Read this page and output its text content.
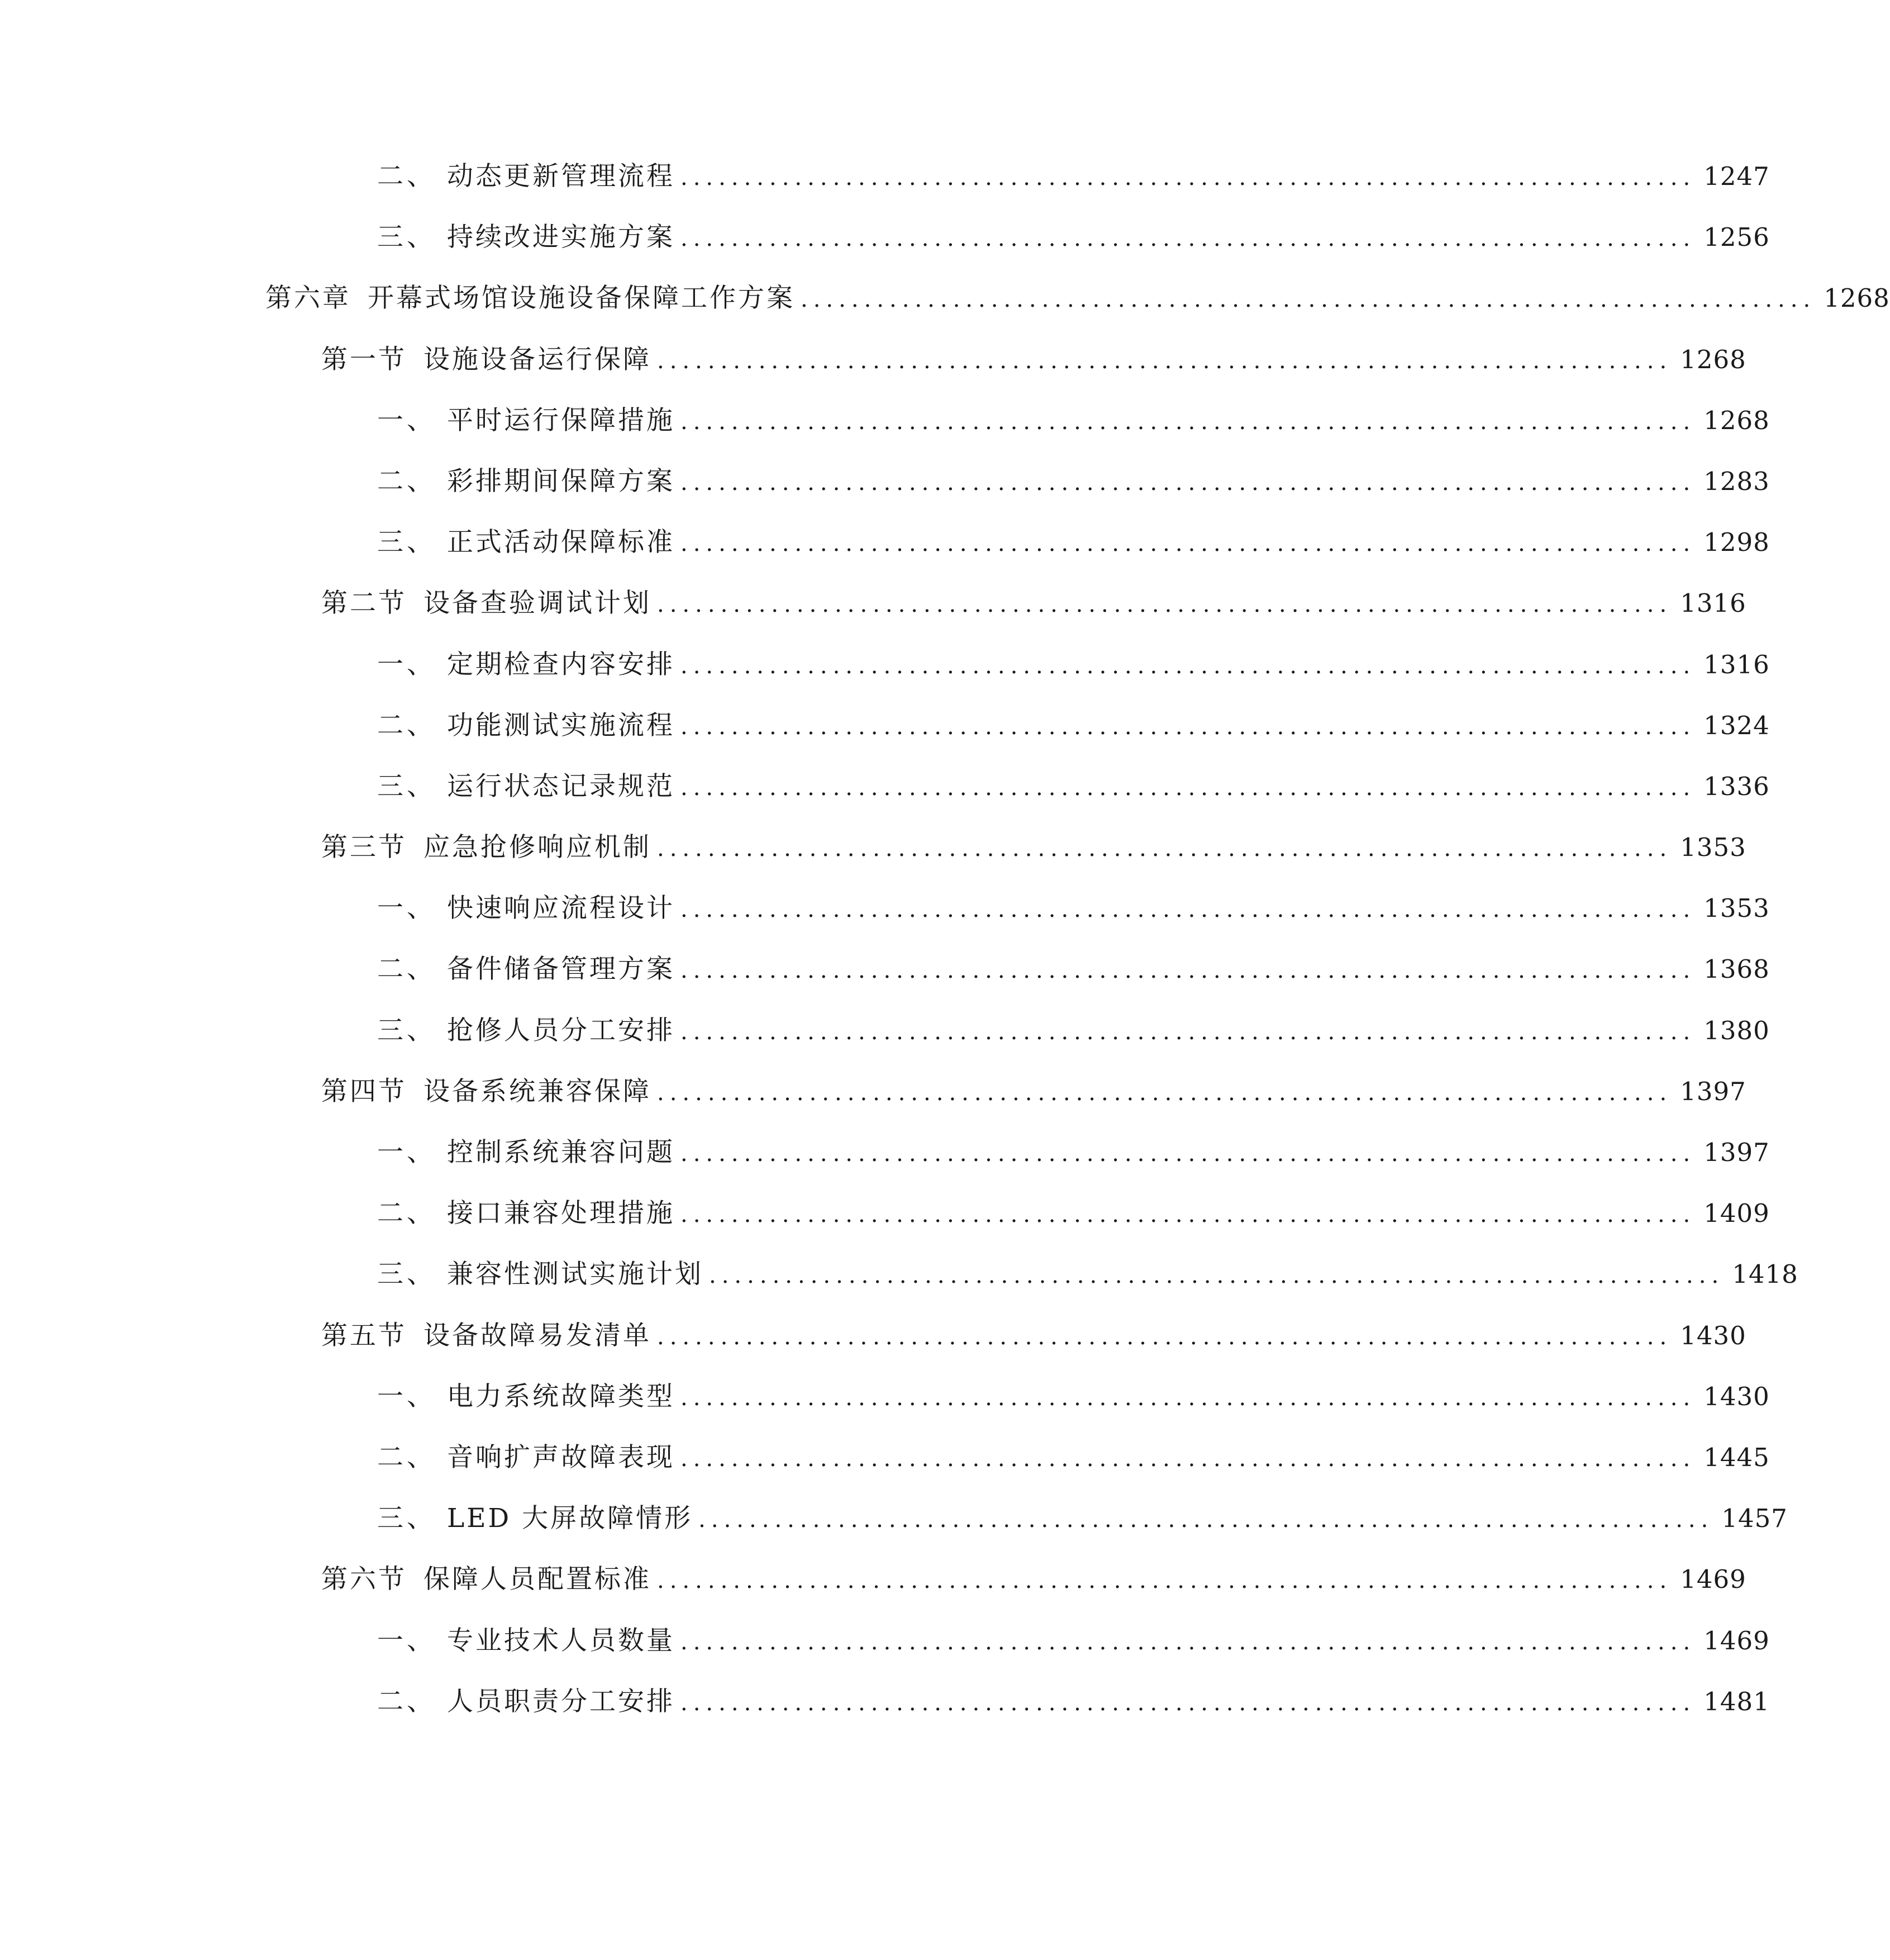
二、 动态更新管理流程 ................................................................................ 1247
三、 持续改进实施方案 ................................................................................ 1256
第六章 开幕式场馆设施设备保障工作方案 ................................................................................ 1268
第一节 设施设备运行保障 ................................................................................ 1268
一、 平时运行保障措施 ................................................................................ 1268
二、 彩排期间保障方案 ................................................................................ 1283
三、 正式活动保障标准 ................................................................................ 1298
第二节 设备查验调试计划 ................................................................................ 1316
一、 定期检查内容安排 ................................................................................ 1316
二、 功能测试实施流程 ................................................................................ 1324
三、 运行状态记录规范 ................................................................................ 1336
第三节 应急抢修响应机制 ................................................................................ 1353
一、 快速响应流程设计 ................................................................................ 1353
二、 备件储备管理方案 ................................................................................ 1368
三、 抢修人员分工安排 ................................................................................ 1380
第四节 设备系统兼容保障 ................................................................................ 1397
一、 控制系统兼容问题 ................................................................................ 1397
二、 接口兼容处理措施 ................................................................................ 1409
三、 兼容性测试实施计划 ................................................................................ 1418
第五节 设备故障易发清单 ................................................................................ 1430
一、 电力系统故障类型 ................................................................................ 1430
二、 音响扩声故障表现 ................................................................................ 1445
三、 LED 大屏故障情形 ................................................................................ 1457
第六节 保障人员配置标准 ................................................................................ 1469
一、 专业技术人员数量 ................................................................................ 1469
二、 人员职责分工安排 ................................................................................ 1481
